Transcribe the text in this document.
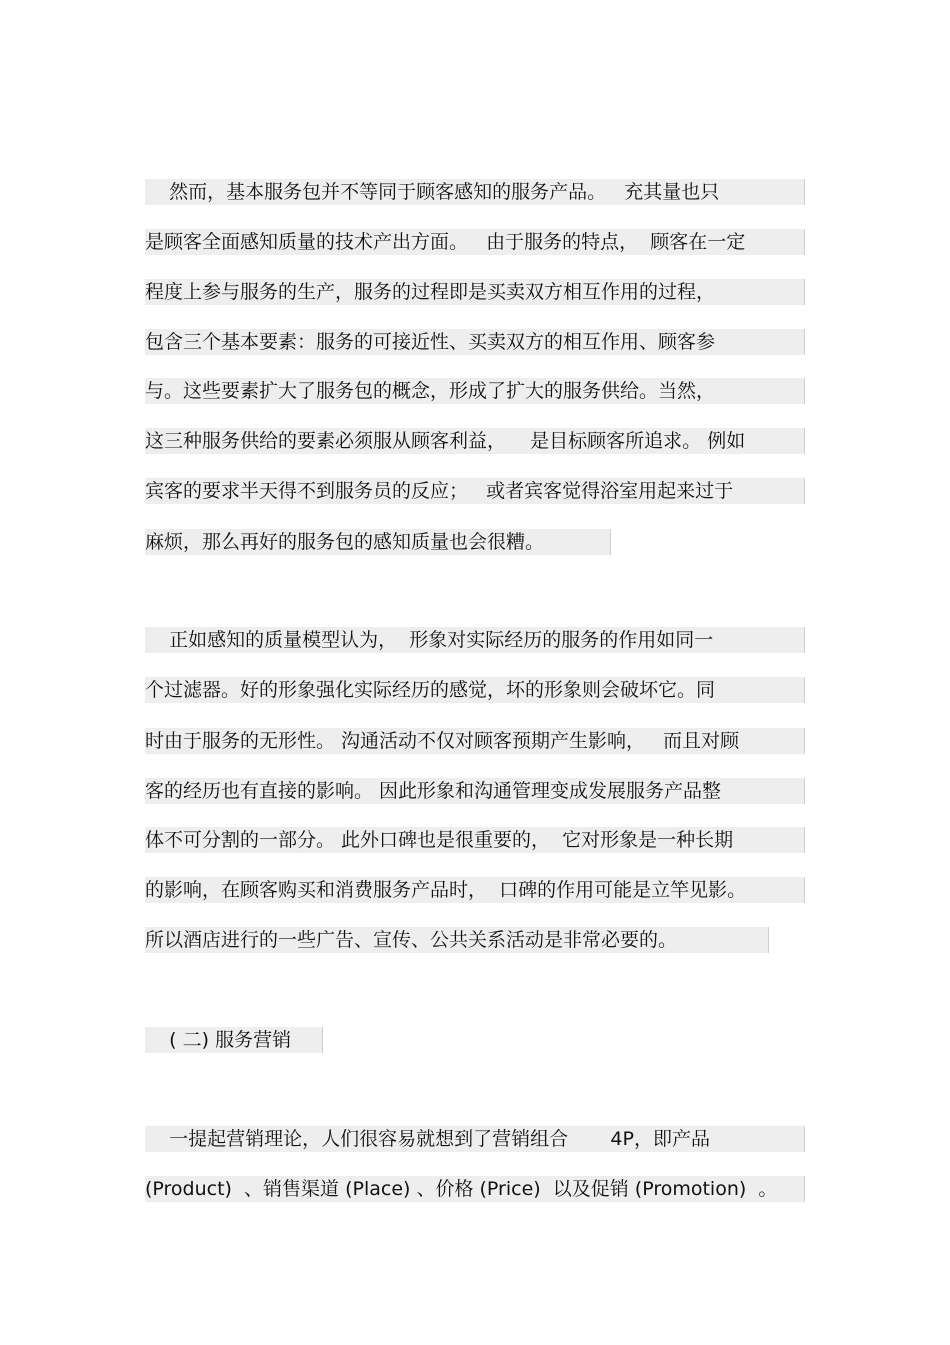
然而，基本服务包并不等同于顾客感知的服务产品。   充其量也只
是顾客全面感知质量的技术产出方面。   由于服务的特点，  顾客在一定
程度上参与服务的生产，服务的过程即是买卖双方相互作用的过程，
包含三个基本要素：服务的可接近性、买卖双方的相互作用、顾客参
与。这些要素扩大了服务包的概念，形成了扩大的服务供给。当然，
这三种服务供给的要素必须服从顾客利益，    是目标顾客所追求。 例如
宾客的要求半天得不到服务员的反应；   或者宾客觉得浴室用起来过于
麻烦，那么再好的服务包的感知质量也会很糟。
正如感知的质量模型认为，  形象对实际经历的服务的作用如同一
个过滤器。好的形象强化实际经历的感觉，坏的形象则会破坏它。同
时由于服务的无形性。 沟通活动不仅对顾客预期产生影响，   而且对顾
客的经历也有直接的影响。 因此形象和沟通管理变成发展服务产品整
体不可分割的一部分。 此外口碑也是很重要的，  它对形象是一种长期
的影响，在顾客购买和消费服务产品时，  口碑的作用可能是立竿见影。
所以酒店进行的一些广告、宣传、公共关系活动是非常必要的。
( 二) 服务营销
一提起营销理论，人们很容易就想到了营销组合       4P，即产品
(Product)  、销售渠道 (Place) 、价格 (Price)  以及促销 (Promotion)  。
